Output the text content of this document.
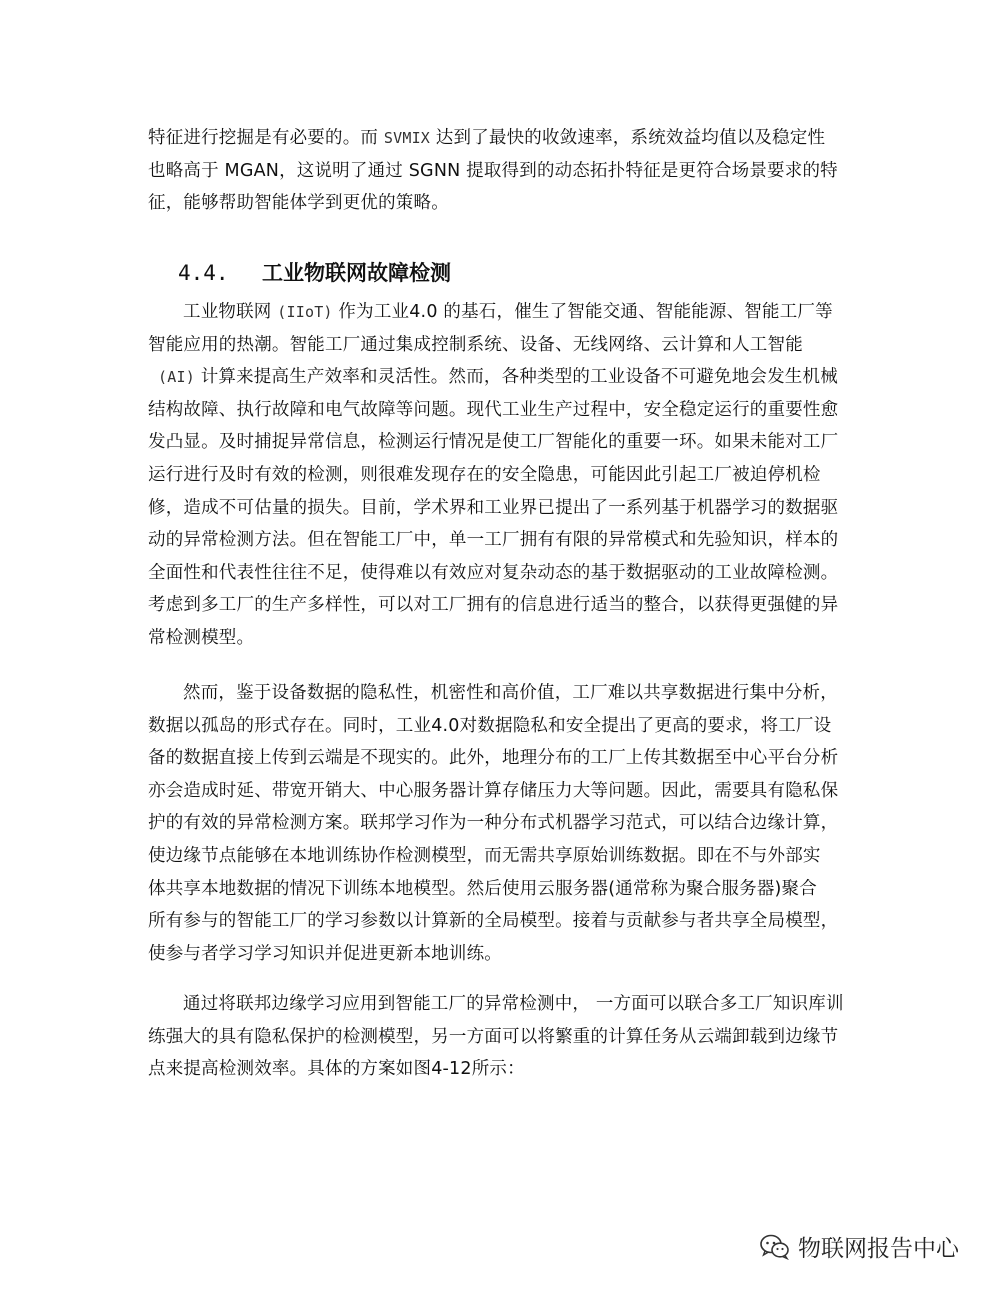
特征进行挖掘是有必要的。而 SVMIX 达到了最快的收敛速率，系统效益均值以及稳定性
也略高于 MGAN，这说明了通过 SGNN 提取得到的动态拓扑特征是更符合场景要求的特
征，能够帮助智能体学到更优的策略。
4.4. 工业物联网故障检测
工业物联网 (IIoT) 作为工业4.0 的基石，催生了智能交通、智能能源、智能工厂等
智能应用的热潮。智能工厂通过集成控制系统、设备、无线网络、云计算和人工智能
(AI) 计算来提高生产效率和灵活性。然而，各种类型的工业设备不可避免地会发生机械
结构故障、执行故障和电气故障等问题。现代工业生产过程中，安全稳定运行的重要性愈
发凸显。及时捕捉异常信息，检测运行情况是使工厂智能化的重要一环。如果未能对工厂
运行进行及时有效的检测，则很难发现存在的安全隐患，可能因此引起工厂被迫停机检
修，造成不可估量的损失。目前，学术界和工业界已提出了一系列基于机器学习的数据驱
动的异常检测方法。但在智能工厂中，单一工厂拥有有限的异常模式和先验知识，样本的
全面性和代表性往往不足，使得难以有效应对复杂动态的基于数据驱动的工业故障检测。
考虑到多工厂的生产多样性，可以对工厂拥有的信息进行适当的整合，以获得更强健的异
常检测模型。
然而，鉴于设备数据的隐私性，机密性和高价值，工厂难以共享数据进行集中分析，
数据以孤岛的形式存在。同时，工业4.0对数据隐私和安全提出了更高的要求，将工厂设
备的数据直接上传到云端是不现实的。此外，地理分布的工厂上传其数据至中心平台分析
亦会造成时延、带宽开销大、中心服务器计算存储压力大等问题。因此，需要具有隐私保
护的有效的异常检测方案。联邦学习作为一种分布式机器学习范式，可以结合边缘计算，
使边缘节点能够在本地训练协作检测模型，而无需共享原始训练数据。即在不与外部实
体共享本地数据的情况下训练本地模型。然后使用云服务器(通常称为聚合服务器)聚合
所有参与的智能工厂的学习参数以计算新的全局模型。接着与贡献参与者共享全局模型，
使参与者学习学习知识并促进更新本地训练。
通过将联邦边缘学习应用到智能工厂的异常检测中， 一方面可以联合多工厂知识库训
练强大的具有隐私保护的检测模型，另一方面可以将繁重的计算任务从云端卸载到边缘节
点来提高检测效率。具体的方案如图4-12所示：
物联网报告中心
